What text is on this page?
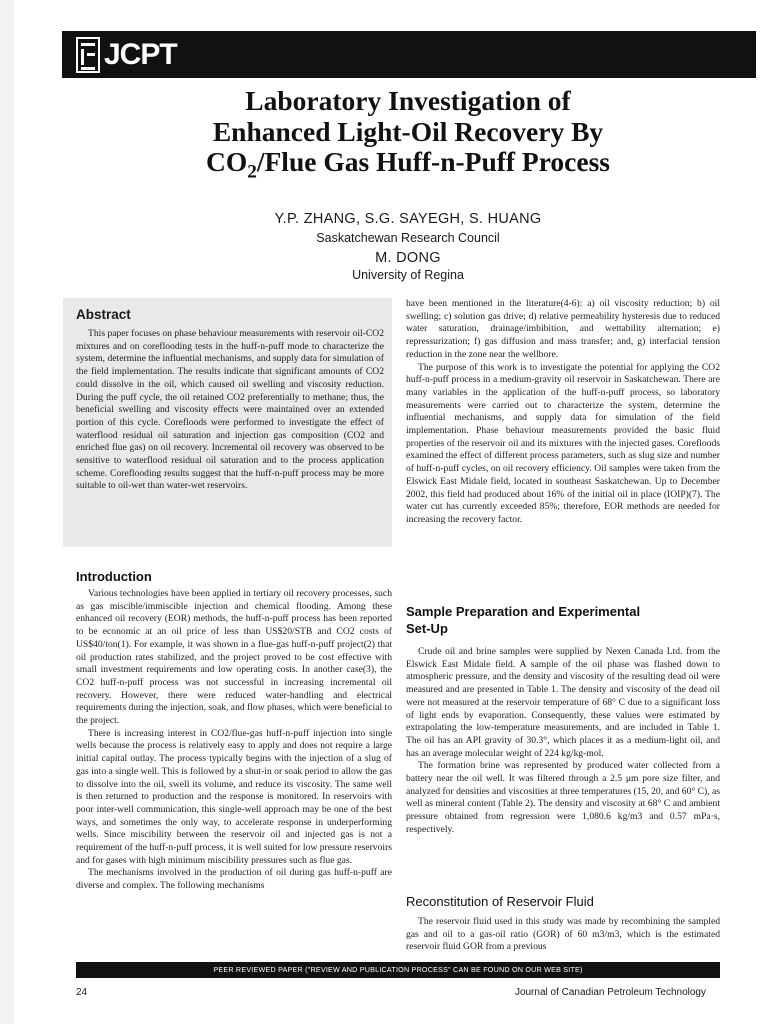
JCPT
Laboratory Investigation of
Enhanced Light-Oil Recovery By
$CO_2$/Flue Gas Huff-n-Puff Process
Y.P. ZHANG, S.G. SAYEGH, S. HUANG
Saskatchewan Research Council
M. DONG
University of Regina
Abstract

This paper focuses on phase behaviour measurements with reservoir oil-CO2 mixtures and on coreflooding tests in the huff-n-puff mode to characterize the system, determine the influential mechanisms, and supply data for simulation of the field implementation. The results indicate that significant amounts of CO2 could dissolve in the oil, which caused oil swelling and viscosity reduction. During the puff cycle, the oil retained CO2 preferentially to methane; thus, the beneficial swelling and viscosity effects were maintained over an extended portion of this cycle. Corefloods were performed to investigate the effect of waterflood residual oil saturation and injection gas composition (CO2 and enriched flue gas) on oil recovery. Incremental oil recovery was observed to be sensitive to waterflood residual oil saturation and to the process application scheme. Coreflooding results suggest that the huff-n-puff process may be more suitable to oil-wet than water-wet reservoirs.

Introduction

Various technologies have been applied in tertiary oil recovery processes, such as gas miscible/immiscible injection and chemical flooding. Among these enhanced oil recovery (EOR) methods, the huff-n-puff process has been reported to be economic at an oil price of less than US$20/STB and CO2 costs of US$40/ton(1). For example, it was shown in a flue-gas huff-n-puff project(2) that oil production rates stabilized, and the project proved to be cost effective with small investment requirements and low operating costs. In another case(3), the CO2 huff-n-puff process was not successful in increasing incremental oil recovery. However, there were reduced water-handling and electrical requirements during the injection, soak, and flow phases, which were beneficial to the project.

There is increasing interest in CO2/flue-gas huff-n-puff injection into single wells because the process is relatively easy to apply and does not require a large initial capital outlay. The process typically begins with the injection of a slug of gas into a single well. This is followed by a shut-in or soak period to allow the gas to dissolve into the oil, swell its volume, and reduce its viscosity. The same well is then returned to production and the response is monitored. In reservoirs with poor inter-well communication, this single-well approach may be one of the best ways, and sometimes the only way, to accelerate response in underperforming wells. Since miscibility between the reservoir oil and injected gas is not a requirement of the huff-n-puff process, it is well suited for low pressure reservoirs and for gases with high minimum miscibility pressures such as flue gas.

The mechanisms involved in the production of oil during gas huff-n-puff are diverse and complex. The following mechanisms

have been mentioned in the literature(4-6): a) oil viscosity reduction; b) oil swelling; c) solution gas drive; d) relative permeability hysteresis due to reduced water saturation, drainage/imbibition, and wettability alternation; e) repressurization; f) gas diffusion and mass transfer; and, g) interfacial tension reduction in the zone near the wellbore.

The purpose of this work is to investigate the potential for applying the CO2 huff-n-puff process in a medium-gravity oil reservoir in Saskatchewan. There are many variables in the application of the huff-n-puff process, so laboratory measurements were carried out to characterize the system, determine the influential mechanisms, and supply data for simulation of the field implementation. Phase behaviour measurements provided the basic fluid properties of the reservoir oil and its mixtures with the injected gases. Corefloods examined the effect of different process parameters, such as slug size and number of huff-n-puff cycles, on oil recovery efficiency. Oil samples were taken from the Elswick East Midale field, located in southeast Saskatchewan. Up to December 2002, this field had produced about 16% of the initial oil in place (IOIP)(7). The water cut has currently exceeded 85%; therefore, EOR methods are needed for increasing the recovery factor.

Sample Preparation and Experimental
Set-Up

Crude oil and brine samples were supplied by Nexen Canada Ltd. from the Elswick East Midale field. A sample of the oil phase was flashed down to atmospheric pressure, and the density and viscosity of the resulting dead oil were measured and are presented in Table 1. The density and viscosity of the dead oil were not measured at the reservoir temperature of 68° C due to a significant loss of light ends by evaporation. Consequently, these values were estimated by extrapolating the low-temperature measurements, and are included in Table 1. The oil has an API gravity of 30.3°, which places it as a medium-light oil, and has an average molecular weight of 224 kg/kg-mol.

The formation brine was represented by produced water collected from a battery near the oil well. It was filtered through a 2.5 μm pore size filter, and analyzed for densities and viscosities at three temperatures (15, 20, and 60° C), as well as mineral content (Table 2). The density and viscosity at 68° C and ambient pressure obtained from regression were 1,080.6 kg/m3 and 0.57 mPa·s, respectively.

Reconstitution of Reservoir Fluid

The reservoir fluid used in this study was made by recombining the sampled gas and oil to a gas-oil ratio (GOR) of 60 m3/m3, which is the estimated reservoir fluid GOR from a previous

PEER REVIEWED PAPER ("REVIEW AND PUBLICATION PROCESS" CAN BE FOUND ON OUR WEB SITE)
24	Journal of Canadian Petroleum Technology
